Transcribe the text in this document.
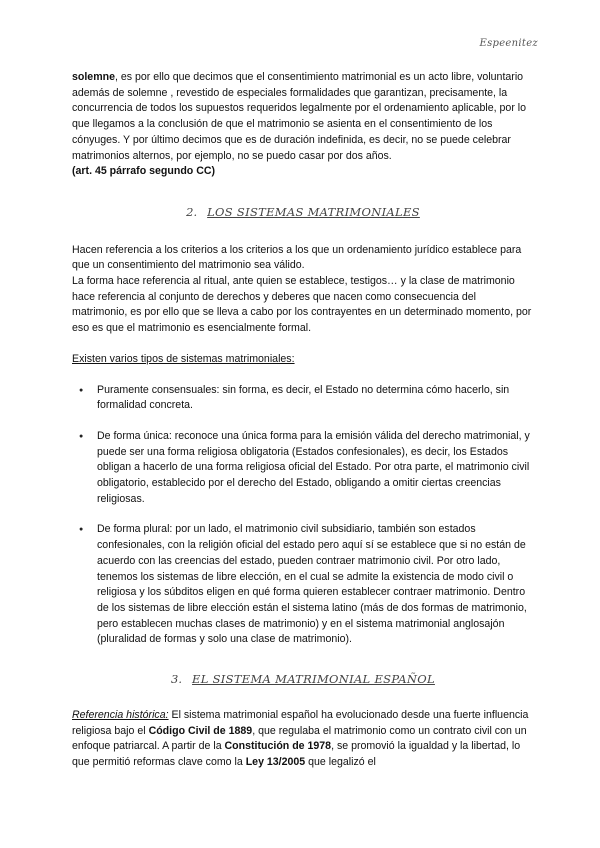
Espeenitez

solemne, es por ello que decimos que el consentimiento matrimonial es un acto libre, voluntario además de solemne , revestido de especiales formalidades que garantizan, precisamente, la concurrencia de todos los supuestos requeridos legalmente por el ordenamiento aplicable, por lo que llegamos a la conclusión de que el matrimonio se asienta en el consentimiento de los cónyuges. Y por último decimos que es de duración indefinida, es decir, no se puede celebrar matrimonios alternos, por ejemplo, no se puedo casar por dos años.

(art. 45 párrafo segundo CC)

2. LOS SISTEMAS MATRIMONIALES

Hacen referencia a los criterios a los criterios a los que un ordenamiento jurídico establece para que un consentimiento del matrimonio sea válido.

La forma hace referencia al ritual, ante quien se establece, testigos… y la clase de matrimonio hace referencia al conjunto de derechos y deberes que nacen como consecuencia del matrimonio, es por ello que se lleva a cabo por los contrayentes en un determinado momento, por eso es que el matrimonio es esencialmente formal.

Existen varios tipos de sistemas matrimoniales:

● Puramente consensuales: sin forma, es decir, el Estado no determina cómo hacerlo, sin formalidad concreta.
● De forma única: reconoce una única forma para la emisión válida del derecho matrimonial, y puede ser una forma religiosa obligatoria (Estados confesionales), es decir, los Estados obligan a hacerlo de una forma religiosa oficial del Estado. Por otra parte, el matrimonio civil obligatorio, establecido por el derecho del Estado, obligando a omitir ciertas creencias religiosas.
● De forma plural: por un lado, el matrimonio civil subsidiario, también son estados confesionales, con la religión oficial del estado pero aquí sí se establece que si no están de acuerdo con las creencias del estado, pueden contraer matrimonio civil. Por otro lado, tenemos los sistemas de libre elección, en el cual se admite la existencia de modo civil o religiosa y los súbditos eligen en qué forma quieren establecer contraer matrimonio. Dentro de los sistemas de libre elección están el sistema latino (más de dos formas de matrimonio, pero establecen muchas clases de matrimonio) y en el sistema matrimonial anglosajón (pluralidad de formas y solo una clase de matrimonio).
3. EL SISTEMA MATRIMONIAL ESPAÑOL

Referencia histórica: El sistema matrimonial español ha evolucionado desde una fuerte influencia religiosa bajo el Código Civil de 1889, que regulaba el matrimonio como un contrato civil con un enfoque patriarcal. A partir de la Constitución de 1978, se promovió la igualdad y la libertad, lo que permitió reformas clave como la Ley 13/2005 que legalizó el
